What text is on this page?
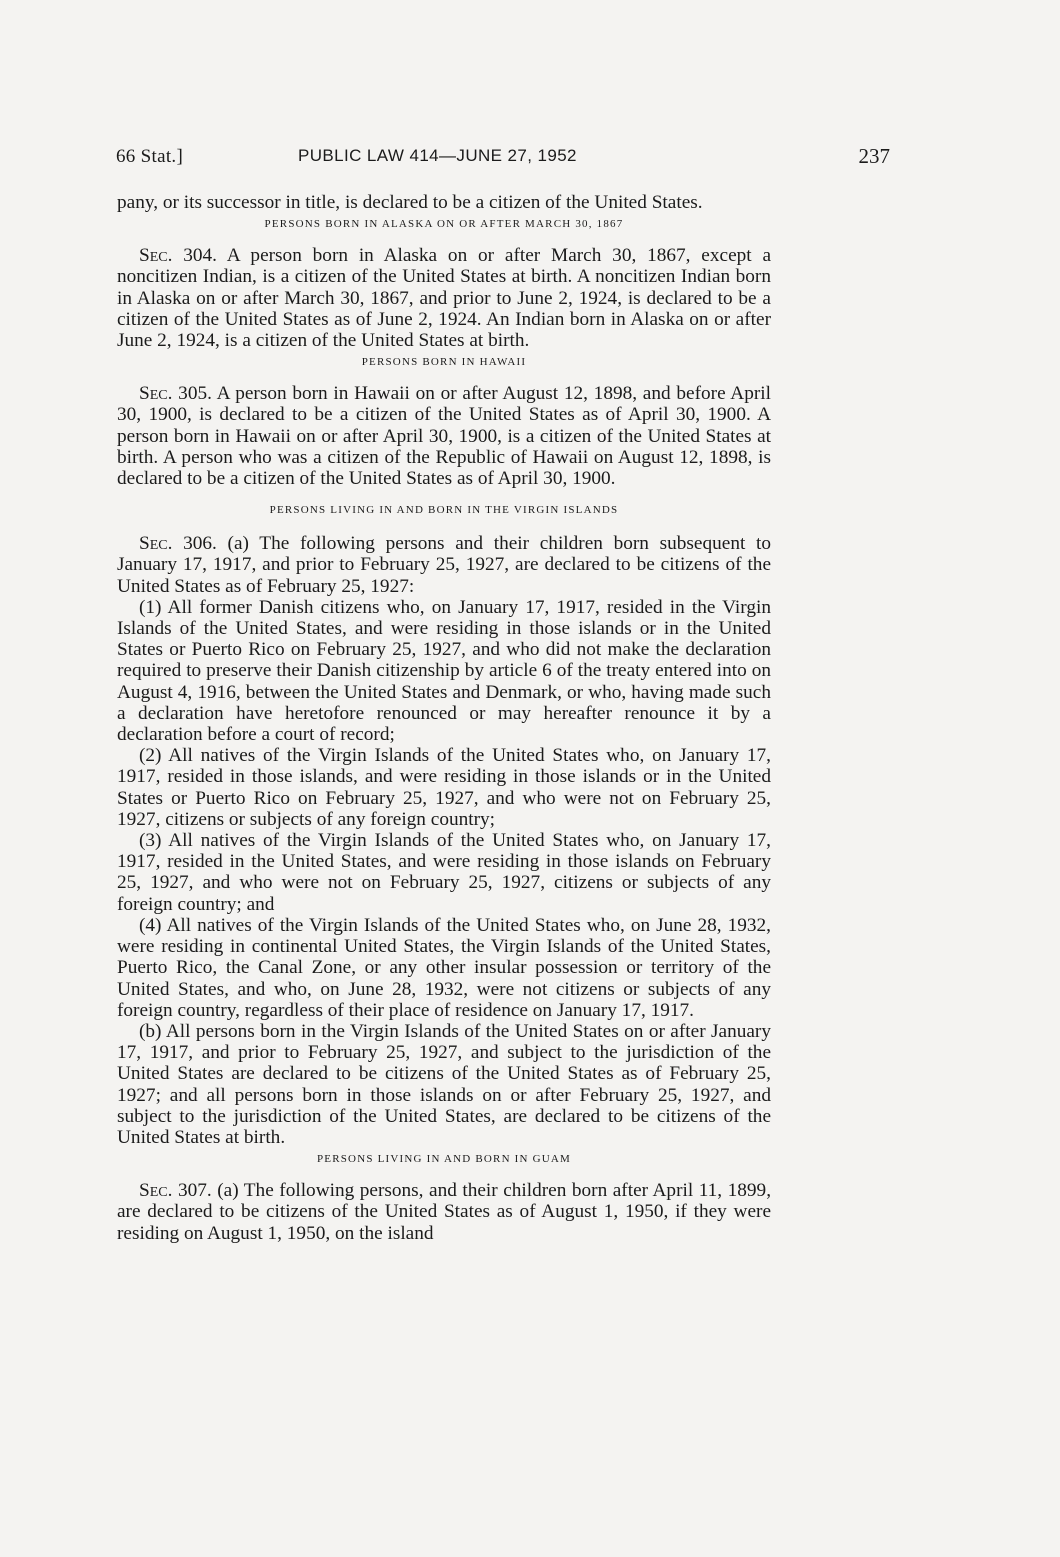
66 Stat.]	PUBLIC LAW 414—JUNE 27, 1952	237

pany, or its successor in title, is declared to be a citizen of the United States.

PERSONS BORN IN ALASKA ON OR AFTER MARCH 30, 1867

Sec. 304. A person born in Alaska on or after March 30, 1867, except a noncitizen Indian, is a citizen of the United States at birth. A noncitizen Indian born in Alaska on or after March 30, 1867, and prior to June 2, 1924, is declared to be a citizen of the United States as of June 2, 1924. An Indian born in Alaska on or after June 2, 1924, is a citizen of the United States at birth.

PERSONS BORN IN HAWAII

Sec. 305. A person born in Hawaii on or after August 12, 1898, and before April 30, 1900, is declared to be a citizen of the United States as of April 30, 1900. A person born in Hawaii on or after April 30, 1900, is a citizen of the United States at birth. A person who was a citizen of the Republic of Hawaii on August 12, 1898, is declared to be a citizen of the United States as of April 30, 1900.

PERSONS LIVING IN AND BORN IN THE VIRGIN ISLANDS

Sec. 306. (a) The following persons and their children born subsequent to January 17, 1917, and prior to February 25, 1927, are declared to be citizens of the United States as of February 25, 1927:

(1) All former Danish citizens who, on January 17, 1917, resided in the Virgin Islands of the United States, and were residing in those islands or in the United States or Puerto Rico on February 25, 1927, and who did not make the declaration required to preserve their Danish citizenship by article 6 of the treaty entered into on August 4, 1916, between the United States and Denmark, or who, having made such a declaration have heretofore renounced or may hereafter renounce it by a declaration before a court of record;

(2) All natives of the Virgin Islands of the United States who, on January 17, 1917, resided in those islands, and were residing in those islands or in the United States or Puerto Rico on February 25, 1927, and who were not on February 25, 1927, citizens or subjects of any foreign country;

(3) All natives of the Virgin Islands of the United States who, on January 17, 1917, resided in the United States, and were residing in those islands on February 25, 1927, and who were not on February 25, 1927, citizens or subjects of any foreign country; and

(4) All natives of the Virgin Islands of the United States who, on June 28, 1932, were residing in continental United States, the Virgin Islands of the United States, Puerto Rico, the Canal Zone, or any other insular possession or territory of the United States, and who, on June 28, 1932, were not citizens or subjects of any foreign country, regardless of their place of residence on January 17, 1917.

(b) All persons born in the Virgin Islands of the United States on or after January 17, 1917, and prior to February 25, 1927, and subject to the jurisdiction of the United States are declared to be citizens of the United States as of February 25, 1927; and all persons born in those islands on or after February 25, 1927, and subject to the jurisdiction of the United States, are declared to be citizens of the United States at birth.

PERSONS LIVING IN AND BORN IN GUAM

Sec. 307. (a) The following persons, and their children born after April 11, 1899, are declared to be citizens of the United States as of August 1, 1950, if they were residing on August 1, 1950, on the island
